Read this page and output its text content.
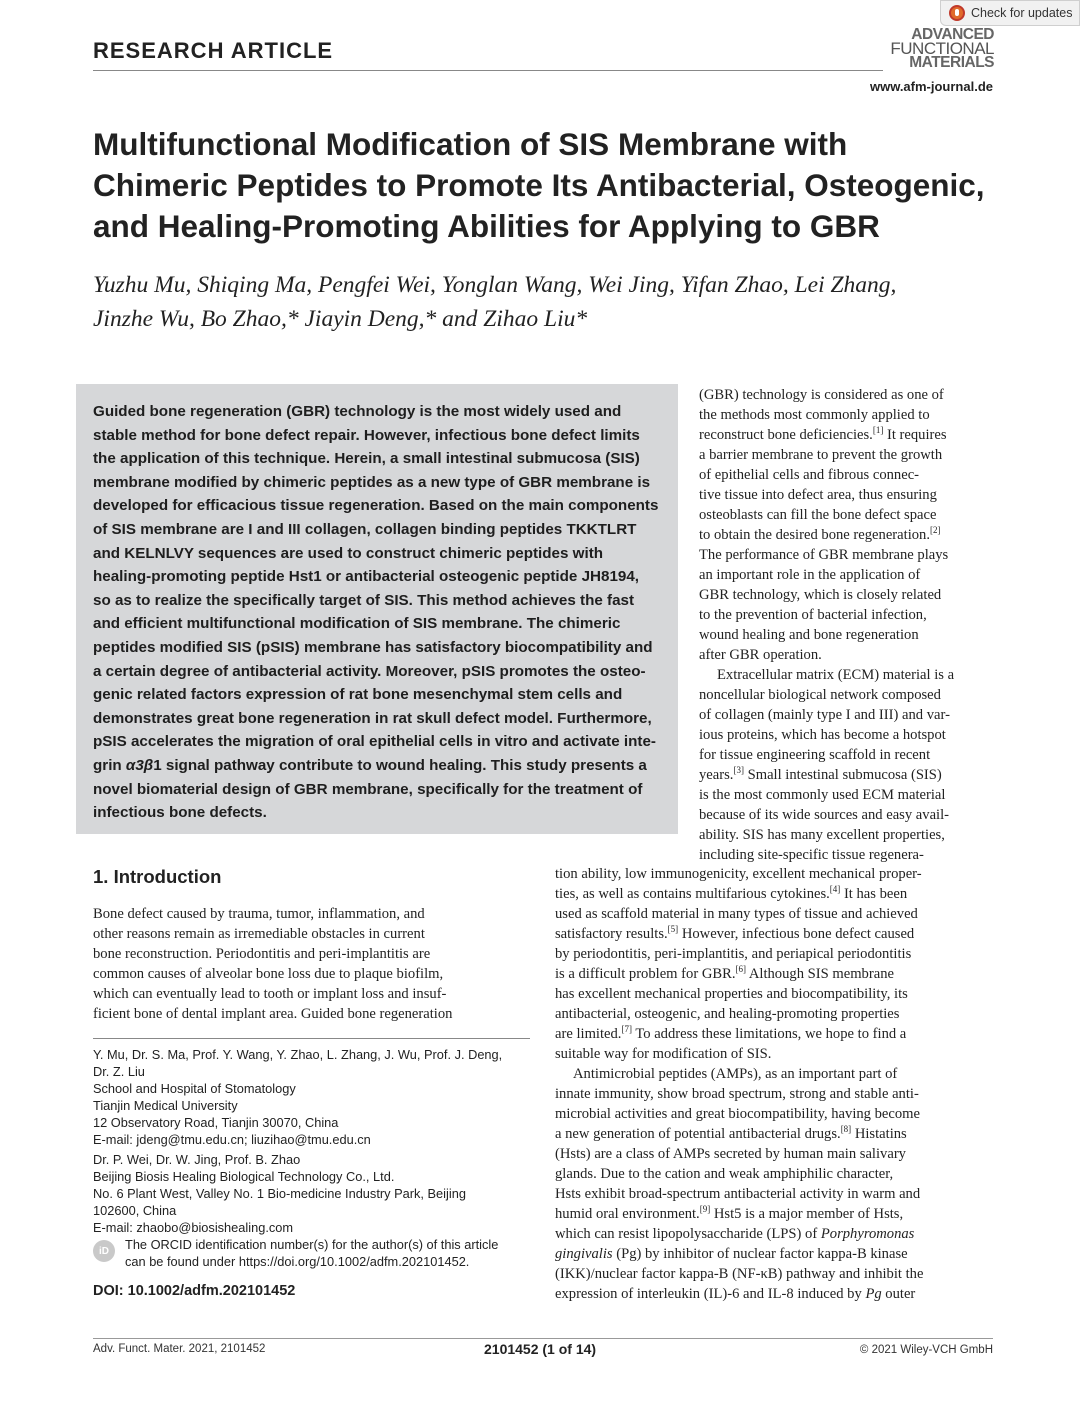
Check for updates
RESEARCH ARTICLE
ADVANCED
FUNCTIONAL
MATERIALS
www.afm-journal.de
Multifunctional Modification of SIS Membrane with
Chimeric Peptides to Promote Its Antibacterial, Osteogenic,
and Healing-Promoting Abilities for Applying to GBR
Yuzhu Mu, Shiqing Ma, Pengfei Wei, Yonglan Wang, Wei Jing, Yifan Zhao, Lei Zhang,
Jinzhe Wu, Bo Zhao,* Jiayin Deng,* and Zihao Liu*
Guided bone regeneration (GBR) technology is the most widely used and
stable method for bone defect repair. However, infectious bone defect limits
the application of this technique. Herein, a small intestinal submucosa (SIS)
membrane modified by chimeric peptides as a new type of GBR membrane is
developed for efficacious tissue regeneration. Based on the main components
of SIS membrane are I and III collagen, collagen binding peptides TKKTLRT
and KELNLVY sequences are used to construct chimeric peptides with
healing-promoting peptide Hst1 or antibacterial osteogenic peptide JH8194,
so as to realize the specifically target of SIS. This method achieves the fast
and efficient multifunctional modification of SIS membrane. The chimeric
peptides modified SIS (pSIS) membrane has satisfactory biocompatibility and
a certain degree of antibacterial activity. Moreover, pSIS promotes the osteo-
genic related factors expression of rat bone mesenchymal stem cells and
demonstrates great bone regeneration in rat skull defect model. Furthermore,
pSIS accelerates the migration of oral epithelial cells in vitro and activate inte-
grin α3β1 signal pathway contribute to wound healing. This study presents a
novel biomaterial design of GBR membrane, specifically for the treatment of
infectious bone defects.
(GBR) technology is considered as one of
the methods most commonly applied to
reconstruct bone deficiencies.[1] It requires
a barrier membrane to prevent the growth
of epithelial cells and fibrous connec-
tive tissue into defect area, thus ensuring
osteoblasts can fill the bone defect space
to obtain the desired bone regeneration.[2]
The performance of GBR membrane plays
an important role in the application of
GBR technology, which is closely related
to the prevention of bacterial infection,
wound healing and bone regeneration
after GBR operation.
Extracellular matrix (ECM) material is a
noncellular biological network composed
of collagen (mainly type I and III) and var-
ious proteins, which has become a hotspot
for tissue engineering scaffold in recent
years.[3] Small intestinal submucosa (SIS)
is the most commonly used ECM material
because of its wide sources and easy avail-
ability. SIS has many excellent properties,
including site-specific tissue regenera-
1. Introduction
Bone defect caused by trauma, tumor, inflammation, and
other reasons remain as irremediable obstacles in current
bone reconstruction. Periodontitis and peri-implantitis are
common causes of alveolar bone loss due to plaque biofilm,
which can eventually lead to tooth or implant loss and insuf-
ficient bone of dental implant area. Guided bone regeneration
tion ability, low immunogenicity, excellent mechanical proper-
ties, as well as contains multifarious cytokines.[4] It has been
used as scaffold material in many types of tissue and achieved
satisfactory results.[5] However, infectious bone defect caused
by periodontitis, peri-implantitis, and periapical periodontitis
is a difficult problem for GBR.[6] Although SIS membrane
has excellent mechanical properties and biocompatibility, its
antibacterial, osteogenic, and healing-promoting properties
are limited.[7] To address these limitations, we hope to find a
suitable way for modification of SIS.
Antimicrobial peptides (AMPs), as an important part of
innate immunity, show broad spectrum, strong and stable anti-
microbial activities and great biocompatibility, having become
a new generation of potential antibacterial drugs.[8] Histatins
(Hsts) are a class of AMPs secreted by human main salivary
glands. Due to the cation and weak amphiphilic character,
Hsts exhibit broad-spectrum antibacterial activity in warm and
humid oral environment.[9] Hst5 is a major member of Hsts,
which can resist lipopolysaccharide (LPS) of Porphyromonas
gingivalis (Pg) by inhibitor of nuclear factor kappa-B kinase
(IKK)/nuclear factor kappa-B (NF-κB) pathway and inhibit the
expression of interleukin (IL)-6 and IL-8 induced by Pg outer
Y. Mu, Dr. S. Ma, Prof. Y. Wang, Y. Zhao, L. Zhang, J. Wu, Prof. J. Deng,
Dr. Z. Liu
School and Hospital of Stomatology
Tianjin Medical University
12 Observatory Road, Tianjin 30070, China
E-mail: jdeng@tmu.edu.cn; liuzihao@tmu.edu.cn
Dr. P. Wei, Dr. W. Jing, Prof. B. Zhao
Beijing Biosis Healing Biological Technology Co., Ltd.
No. 6 Plant West, Valley No. 1 Bio-medicine Industry Park, Beijing
102600, China
E-mail: zhaobo@biosishealing.com
iD	The ORCID identification number(s) for the author(s) of this article
can be found under https://doi.org/10.1002/adfm.202101452.
DOI: 10.1002/adfm.202101452
Adv. Funct. Mater. 2021, 2101452	2101452 (1 of 14)	© 2021 Wiley-VCH GmbH
